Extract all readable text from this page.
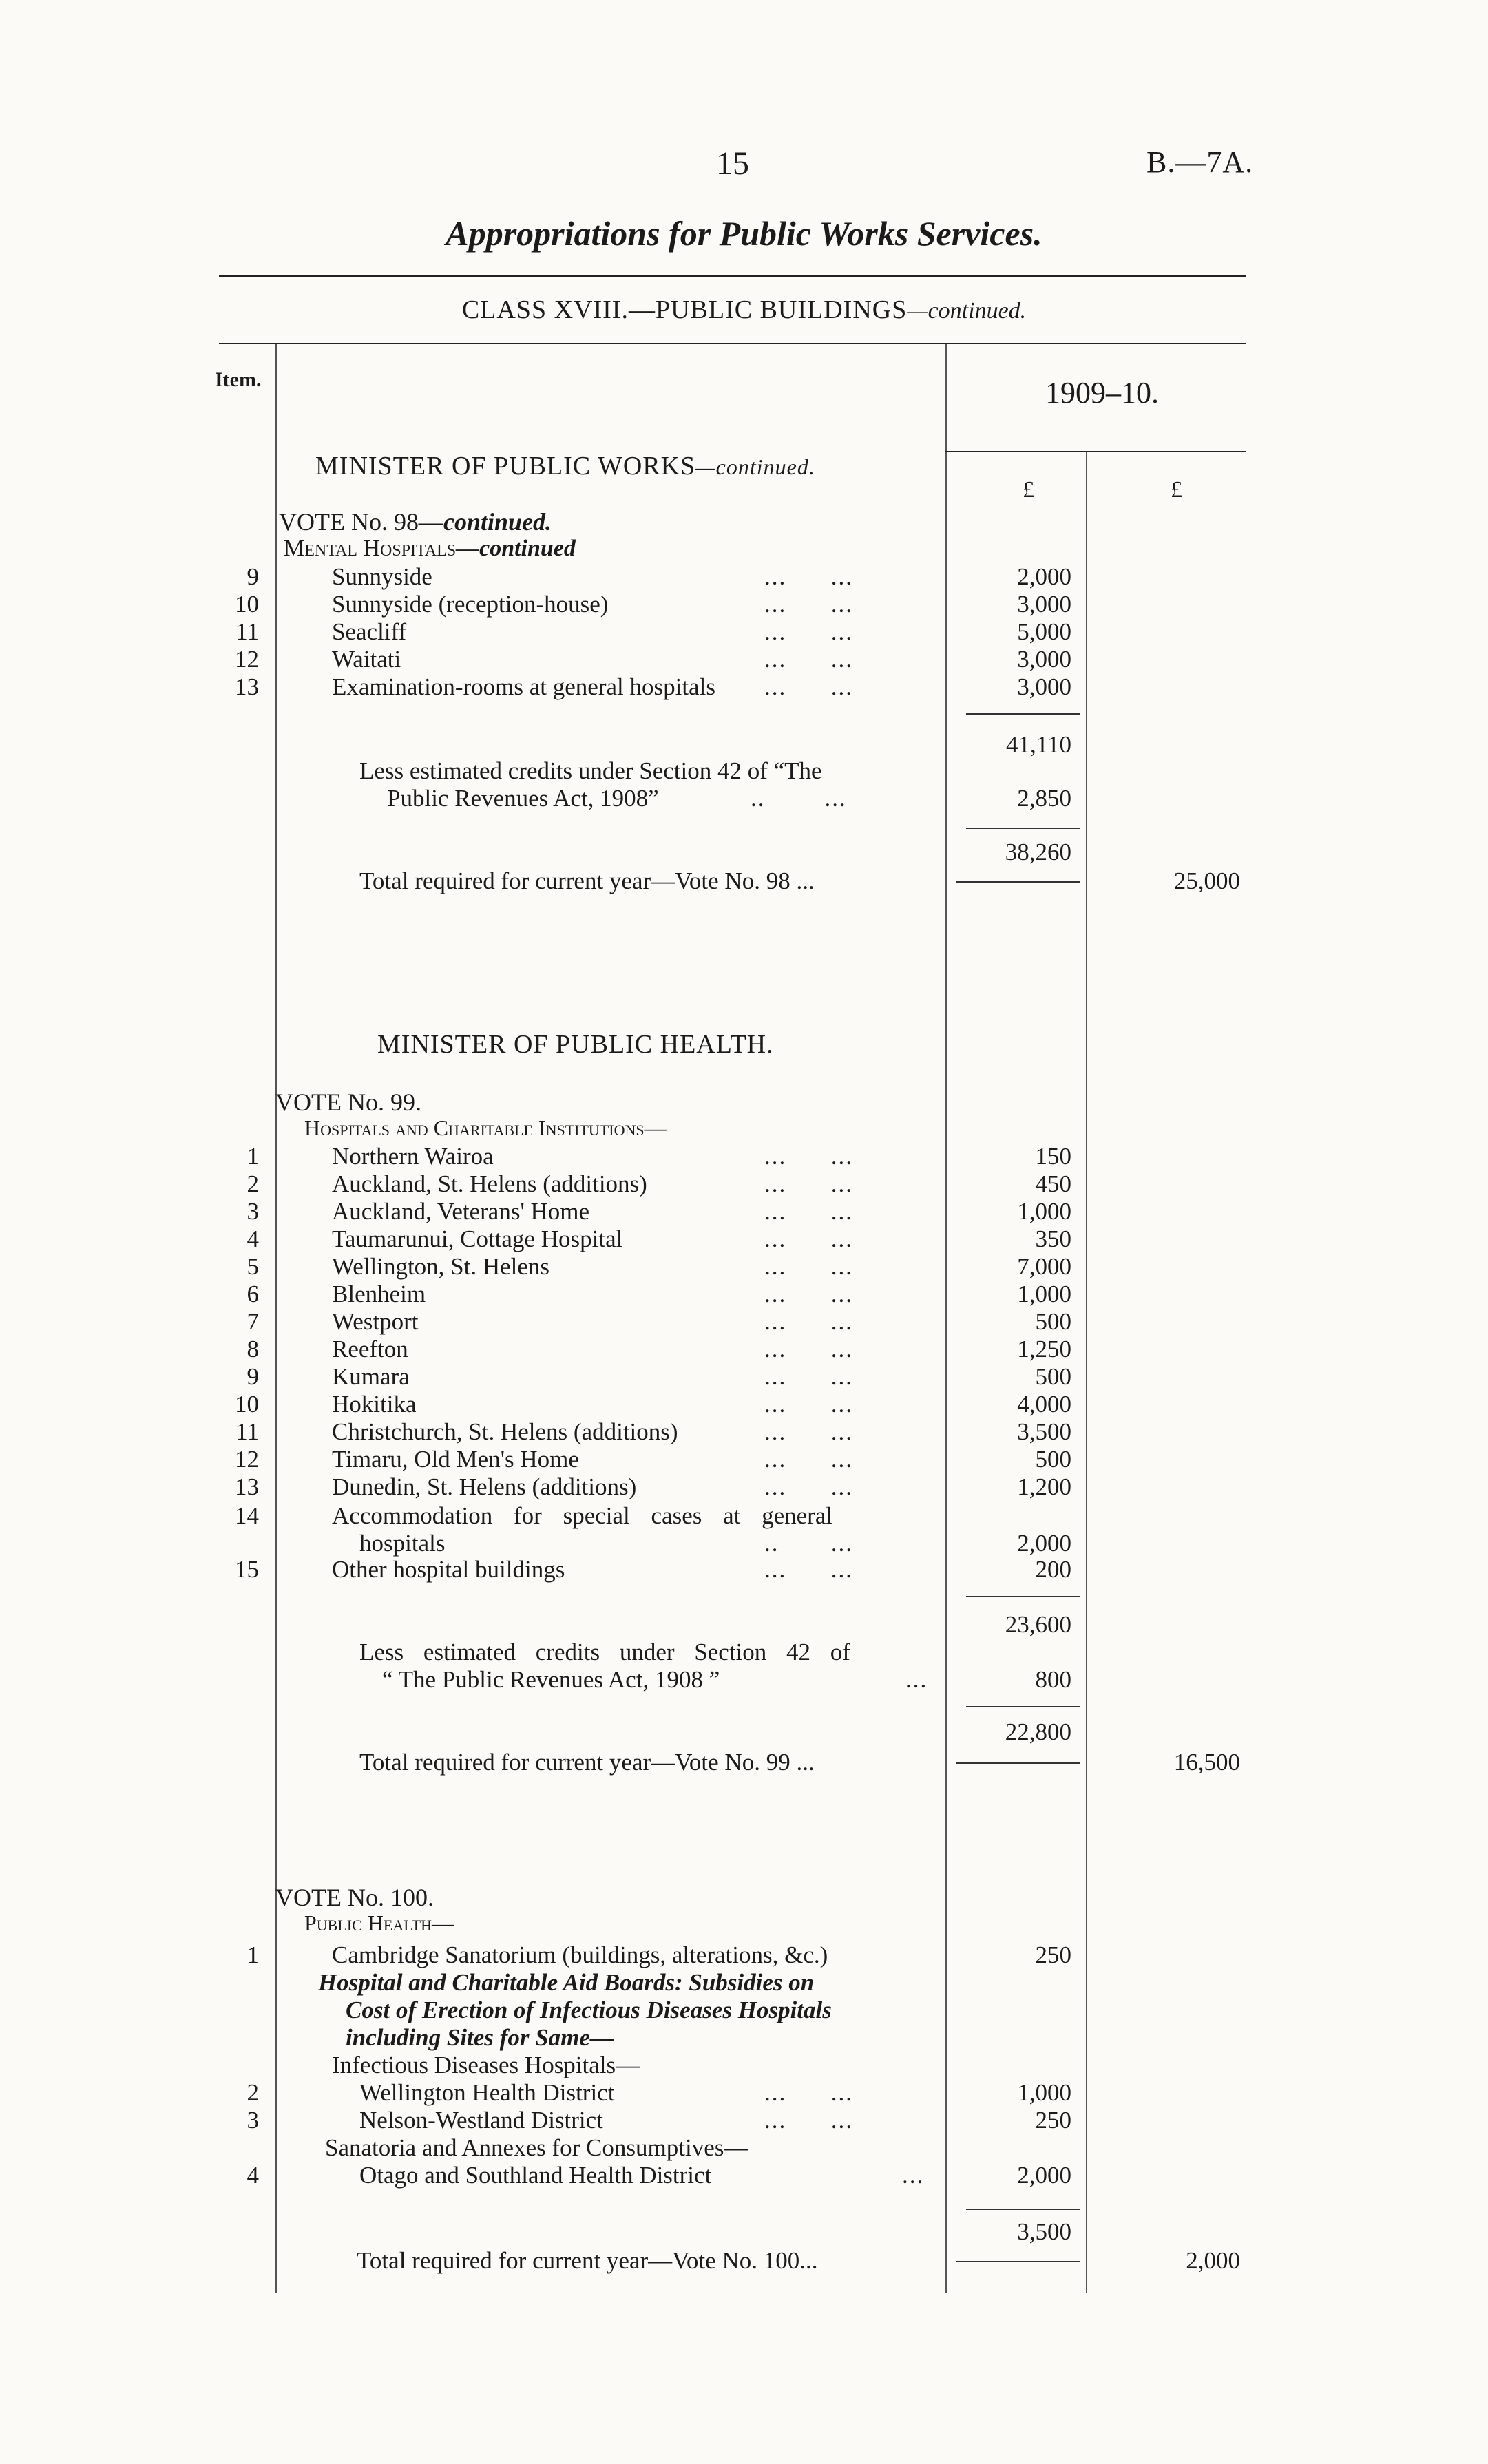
15	B.—7A.
Appropriations for Public Works Services.
CLASS XVIII.—PUBLIC BUILDINGS—continued.
Item.	1909–10.
£	£
MINISTER OF PUBLIC WORKS—continued.
VOTE No. 98—continued.
Mental Hospitals—continued
9	Sunnyside	...      ...	2,000
10	Sunnyside (reception-house)	...      ...	3,000
11	Seacliff	...      ...	5,000
12	Waitati	...      ...	3,000
13	Examination-rooms at general hospitals ...      ...	3,000
41,110
Less estimated credits under Section 42 of “The
Public Revenues Act, 1908”	..        ...	2,850
38,260
Total required for current year—Vote No. 98 ...	25,000
MINISTER OF PUBLIC HEALTH.
VOTE No. 99.
Hospitals and Charitable Institutions—
1	Northern Wairoa	...      ...	150
2	Auckland, St. Helens (additions)	...      ...	450
3	Auckland, Veterans' Home	...      ...	1,000
4	Taumarunui, Cottage Hospital	...      ...	350
5	Wellington, St. Helens	...      ...	7,000
6	Blenheim	...      ...	1,000
7	Westport	...      ...	500
8	Reefton	...      ...	1,250
9	Kumara	...      ...	500
10	Hokitika	...      ...	4,000
11	Christchurch, St. Helens (additions)	...      ...	3,500
12	Timaru, Old Men's Home	...      ...	500
13	Dunedin, St. Helens (additions)	...      ...	1,200
14	Accommodation for special cases at general
hospitals	..       ...	2,000
15	Other hospital buildings	...      ...	200
23,600
Less estimated credits under Section 42 of
“ The Public Revenues Act, 1908 ”	...	800
22,800
Total required for current year—Vote No. 99 ...	16,500
VOTE No. 100.
Public Health—
1	Cambridge Sanatorium (buildings, alterations, &c.)	250
Hospital and Charitable Aid Boards: Subsidies on
Cost of Erection of Infectious Diseases Hospitals
including Sites for Same—
Infectious Diseases Hospitals—
2	Wellington Health District	...      ...	1,000
3	Nelson-Westland District	...      ...	250
Sanatoria and Annexes for Consumptives—
4	Otago and Southland Health District	...	2,000
3,500
Total required for current year—Vote No. 100...	2,000
